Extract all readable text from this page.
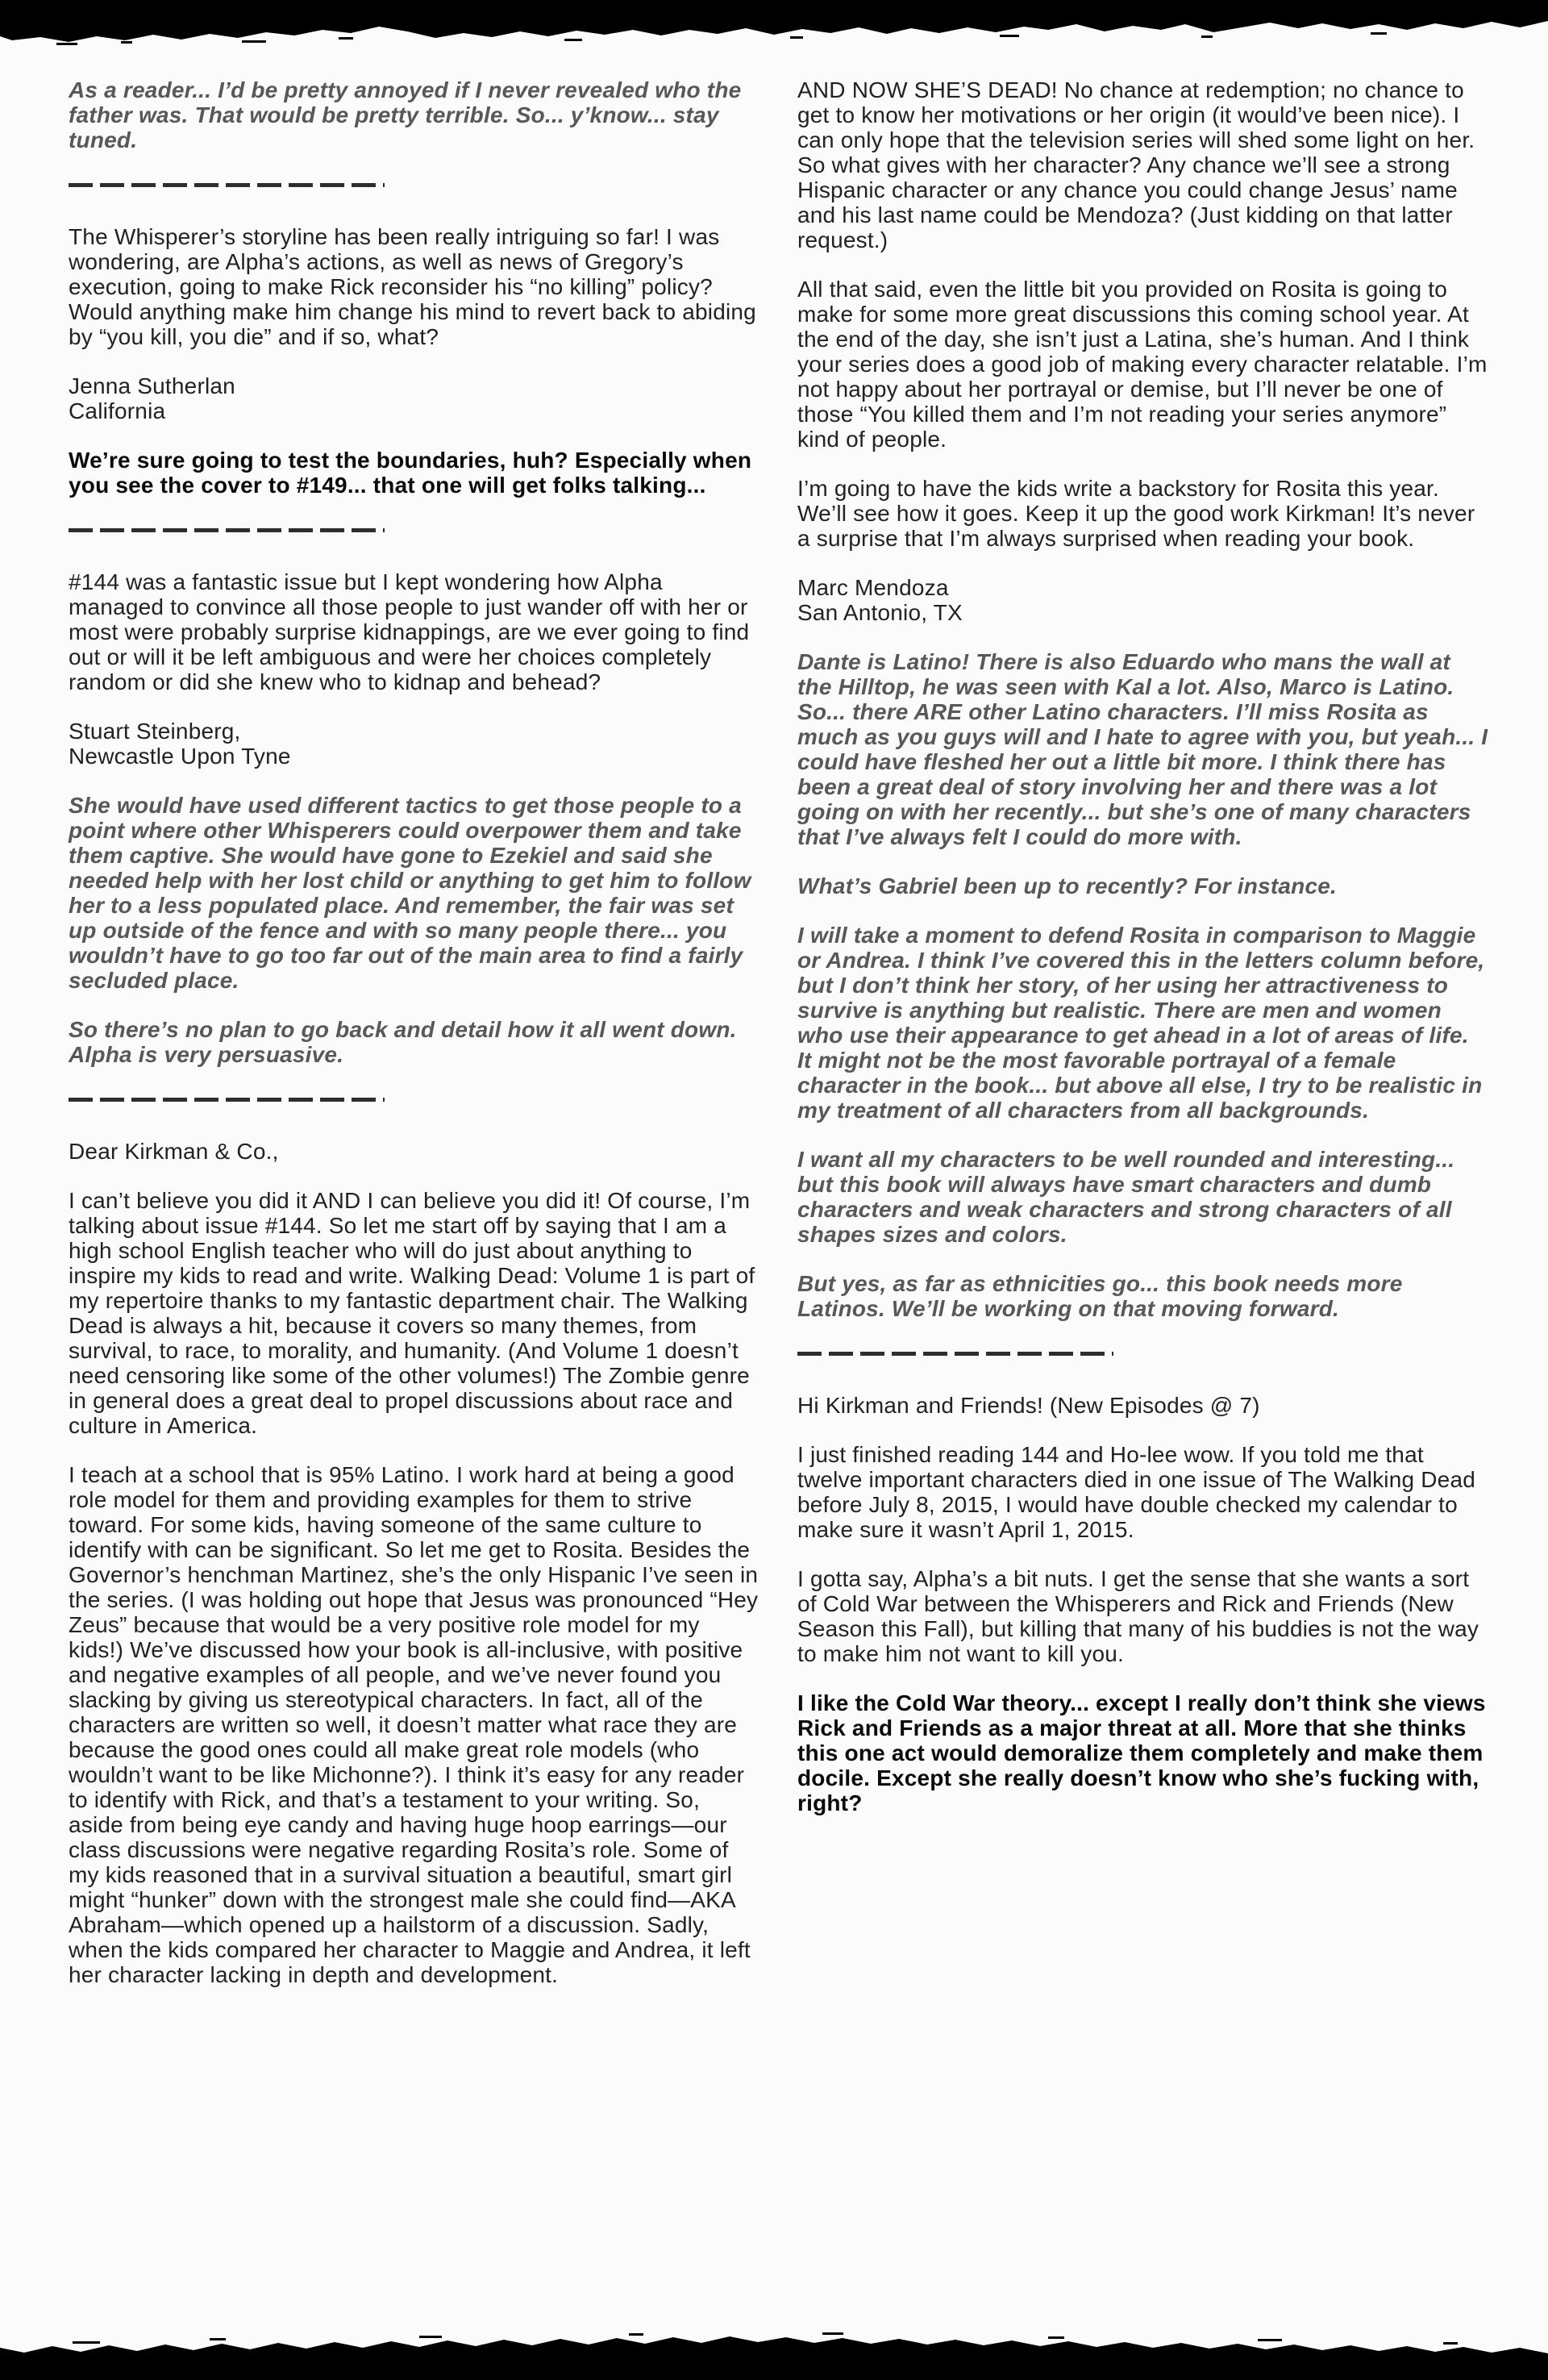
As a reader... I’d be pretty annoyed if I never revealed who the father was. That would be pretty terrible. So... y’know... stay tuned.

The Whisperer’s storyline has been really intriguing so far! I was wondering, are Alpha’s actions, as well as news of Gregory’s execution, going to make Rick reconsider his “no killing” policy? Would anything make him change his mind to revert back to abiding by “you kill, you die” and if so, what?

Jenna Sutherlan
California

We’re sure going to test the boundaries, huh? Especially when you see the cover to #149... that one will get folks talking...

#144 was a fantastic issue but I kept wondering how Alpha managed to convince all those people to just wander off with her or most were probably surprise kidnappings, are we ever going to find out or will it be left ambiguous and were her choices completely random or did she knew who to kidnap and behead?

Stuart Steinberg,
Newcastle Upon Tyne

She would have used different tactics to get those people to a point where other Whisperers could overpower them and take them captive. She would have gone to Ezekiel and said she needed help with her lost child or anything to get him to follow her to a less populated place. And remember, the fair was set up outside of the fence and with so many people there... you wouldn’t have to go too far out of the main area to find a fairly secluded place.

So there’s no plan to go back and detail how it all went down. Alpha is very persuasive.

Dear Kirkman & Co.,

I can’t believe you did it AND I can believe you did it! Of course, I’m talking about issue #144. So let me start off by saying that I am a high school English teacher who will do just about anything to inspire my kids to read and write. Walking Dead: Volume 1 is part of my repertoire thanks to my fantastic department chair. The Walking Dead is always a hit, because it covers so many themes, from survival, to race, to morality, and humanity. (And Volume 1 doesn’t need censoring like some of the other volumes!) The Zombie genre in general does a great deal to propel discussions about race and culture in America.

I teach at a school that is 95% Latino. I work hard at being a good role model for them and providing examples for them to strive toward. For some kids, having someone of the same culture to identify with can be significant. So let me get to Rosita. Besides the Governor’s henchman Martinez, she’s the only Hispanic I’ve seen in the series. (I was holding out hope that Jesus was pronounced “Hey Zeus” because that would be a very positive role model for my kids!) We’ve discussed how your book is all-inclusive, with positive and negative examples of all people, and we’ve never found you slacking by giving us stereotypical characters. In fact, all of the characters are written so well, it doesn’t matter what race they are because the good ones could all make great role models (who wouldn’t want to be like Michonne?). I think it’s easy for any reader to identify with Rick, and that’s a testament to your writing. So, aside from being eye candy and having huge hoop earrings—our class discussions were negative regarding Rosita’s role. Some of my kids reasoned that in a survival situation a beautiful, smart girl might “hunker” down with the strongest male she could find—AKA Abraham—which opened up a hailstorm of a discussion. Sadly, when the kids compared her character to Maggie and Andrea, it left her character lacking in depth and development.

AND NOW SHE’S DEAD! No chance at redemption; no chance to get to know her motivations or her origin (it would’ve been nice). I can only hope that the television series will shed some light on her. So what gives with her character? Any chance we’ll see a strong Hispanic character or any chance you could change Jesus’ name and his last name could be Mendoza? (Just kidding on that latter request.)

All that said, even the little bit you provided on Rosita is going to make for some more great discussions this coming school year. At the end of the day, she isn’t just a Latina, she’s human. And I think your series does a good job of making every character relatable. I’m not happy about her portrayal or demise, but I’ll never be one of those “You killed them and I’m not reading your series anymore” kind of people.

I’m going to have the kids write a backstory for Rosita this year. We’ll see how it goes. Keep it up the good work Kirkman! It’s never a surprise that I’m always surprised when reading your book.

Marc Mendoza
San Antonio, TX

Dante is Latino! There is also Eduardo who mans the wall at the Hilltop, he was seen with Kal a lot. Also, Marco is Latino. So... there ARE other Latino characters. I’ll miss Rosita as much as you guys will and I hate to agree with you, but yeah... I could have fleshed her out a little bit more. I think there has been a great deal of story involving her and there was a lot going on with her recently... but she’s one of many characters that I’ve always felt I could do more with.

What’s Gabriel been up to recently? For instance.

I will take a moment to defend Rosita in comparison to Maggie or Andrea. I think I’ve covered this in the letters column before, but I don’t think her story, of her using her attractiveness to survive is anything but realistic. There are men and women who use their appearance to get ahead in a lot of areas of life. It might not be the most favorable portrayal of a female character in the book... but above all else, I try to be realistic in my treatment of all characters from all backgrounds.

I want all my characters to be well rounded and interesting... but this book will always have smart characters and dumb characters and weak characters and strong characters of all shapes sizes and colors.

But yes, as far as ethnicities go... this book needs more Latinos. We’ll be working on that moving forward.

Hi Kirkman and Friends! (New Episodes @ 7)

I just finished reading 144 and Ho-lee wow. If you told me that twelve important characters died in one issue of The Walking Dead before July 8, 2015, I would have double checked my calendar to make sure it wasn’t April 1, 2015.

I gotta say, Alpha’s a bit nuts. I get the sense that she wants a sort of Cold War between the Whisperers and Rick and Friends (New Season this Fall), but killing that many of his buddies is not the way to make him not want to kill you.

I like the Cold War theory... except I really don’t think she views Rick and Friends as a major threat at all. More that she thinks this one act would demoralize them completely and make them docile. Except she really doesn’t know who she’s fucking with, right?
